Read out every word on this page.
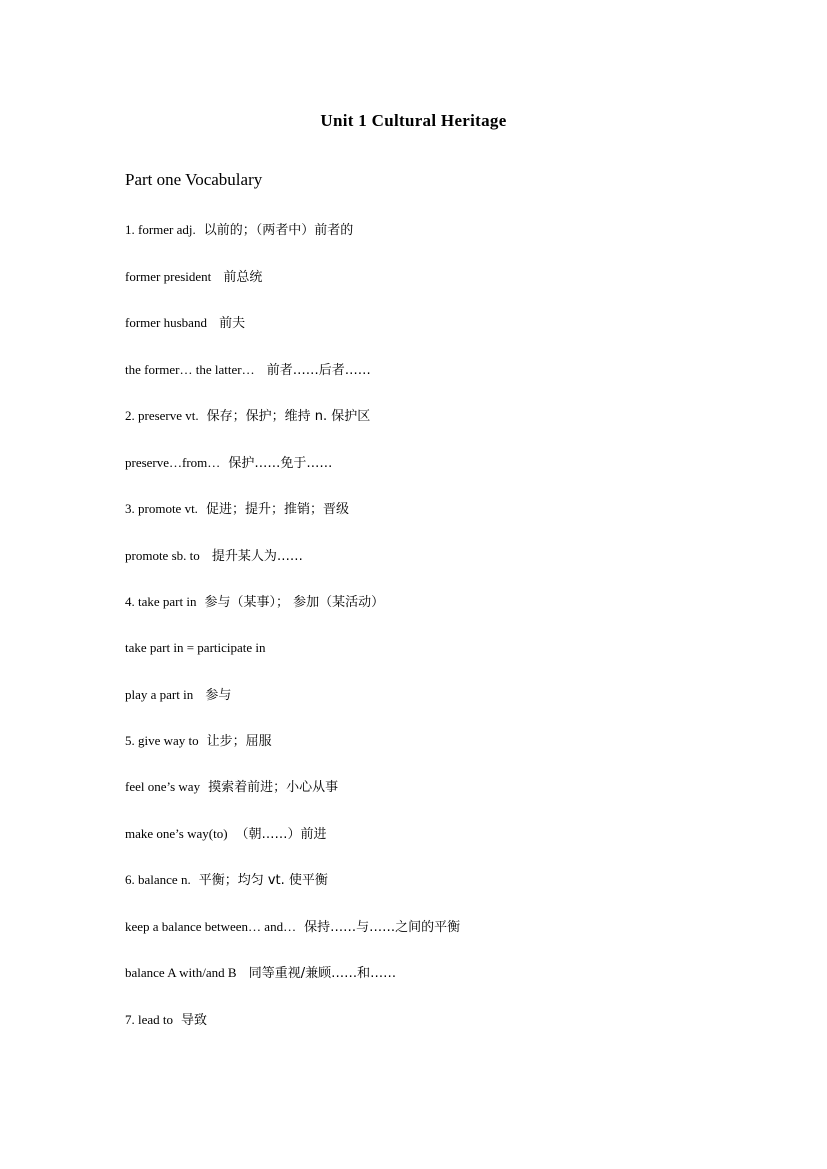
Unit 1 Cultural Heritage
Part one Vocabulary
1. former adj. 以前的；（两者中）前者的
former president 前总统
former husband 前夫
the former… the latter… 前者……后者……
2. preserve vt. 保存；保护；维持 n. 保护区
preserve…from… 保护……免于……
3. promote vt. 促进；提升；推销；晋级
promote sb. to 提升某人为……
4. take part in 参与（某事）； 参加（某活动）
take part in = participate in
play a part in 参与
5. give way to 让步；屈服
feel one’s way 摸索着前进；小心从事
make one’s way(to) （朝……）前进
6. balance n. 平衡；均匀 vt. 使平衡
keep a balance between… and… 保持……与……之间的平衡
balance A with/and B 同等重视/兼顾……和……
7. lead to 导致
